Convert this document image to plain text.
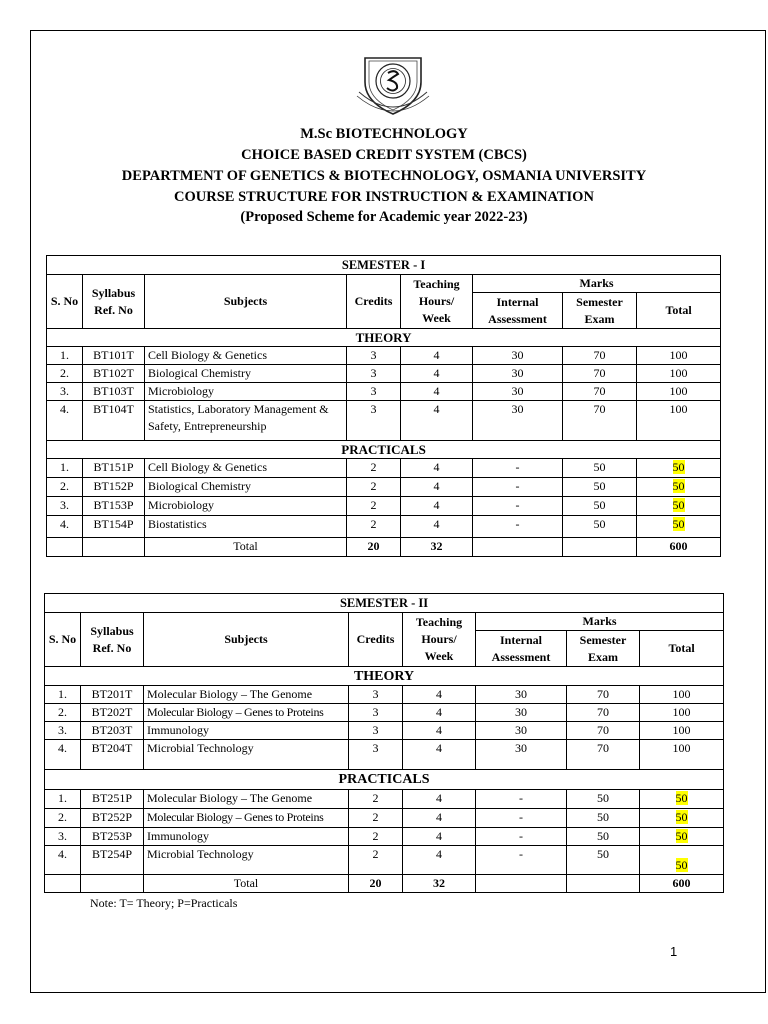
M.Sc BIOTECHNOLOGY
CHOICE BASED CREDIT SYSTEM (CBCS)
DEPARTMENT OF GENETICS & BIOTECHNOLOGY, OSMANIA UNIVERSITY
COURSE STRUCTURE FOR INSTRUCTION & EXAMINATION
(Proposed Scheme for Academic year 2022-23)
SEMESTER - I							
S. No	Syllabus Ref. No	Subjects	Credits	Teaching Hours/ Week	Marks		
					Internal Assessment	Semester Exam	Total
THEORY							
1.	BT101T	Cell Biology & Genetics	3	4	30	70	100
2.	BT102T	Biological Chemistry	3	4	30	70	100
3.	BT103T	Microbiology	3	4	30	70	100
4.	BT104T	Statistics, Laboratory Management & Safety, Entrepreneurship	3	4	30	70	100
PRACTICALS							
1.	BT151P	Cell Biology & Genetics	2	4	-	50	50
2.	BT152P	Biological Chemistry	2	4	-	50	50
3.	BT153P	Microbiology	2	4	-	50	50
4.	BT154P	Biostatistics	2	4	-	50	50
		Total	20	32			600
SEMESTER - II							
S. No	Syllabus Ref. No	Subjects	Credits	Teaching Hours/ Week	Marks		
					Internal Assessment	Semester Exam	Total
THEORY							
1.	BT201T	Molecular Biology – The Genome	3	4	30	70	100
2.	BT202T	Molecular Biology – Genes to Proteins	3	4	30	70	100
3.	BT203T	Immunology	3	4	30	70	100
4.	BT204T	Microbial Technology	3	4	30	70	100
PRACTICALS							
1.	BT251P	Molecular Biology – The Genome	2	4	-	50	50
2.	BT252P	Molecular Biology – Genes to Proteins	2	4	-	50	50
3.	BT253P	Immunology	2	4	-	50	50
4.	BT254P	Microbial Technology	2	4	-	50	50
		Total	20	32			600
Note: T= Theory; P=Practicals
1
